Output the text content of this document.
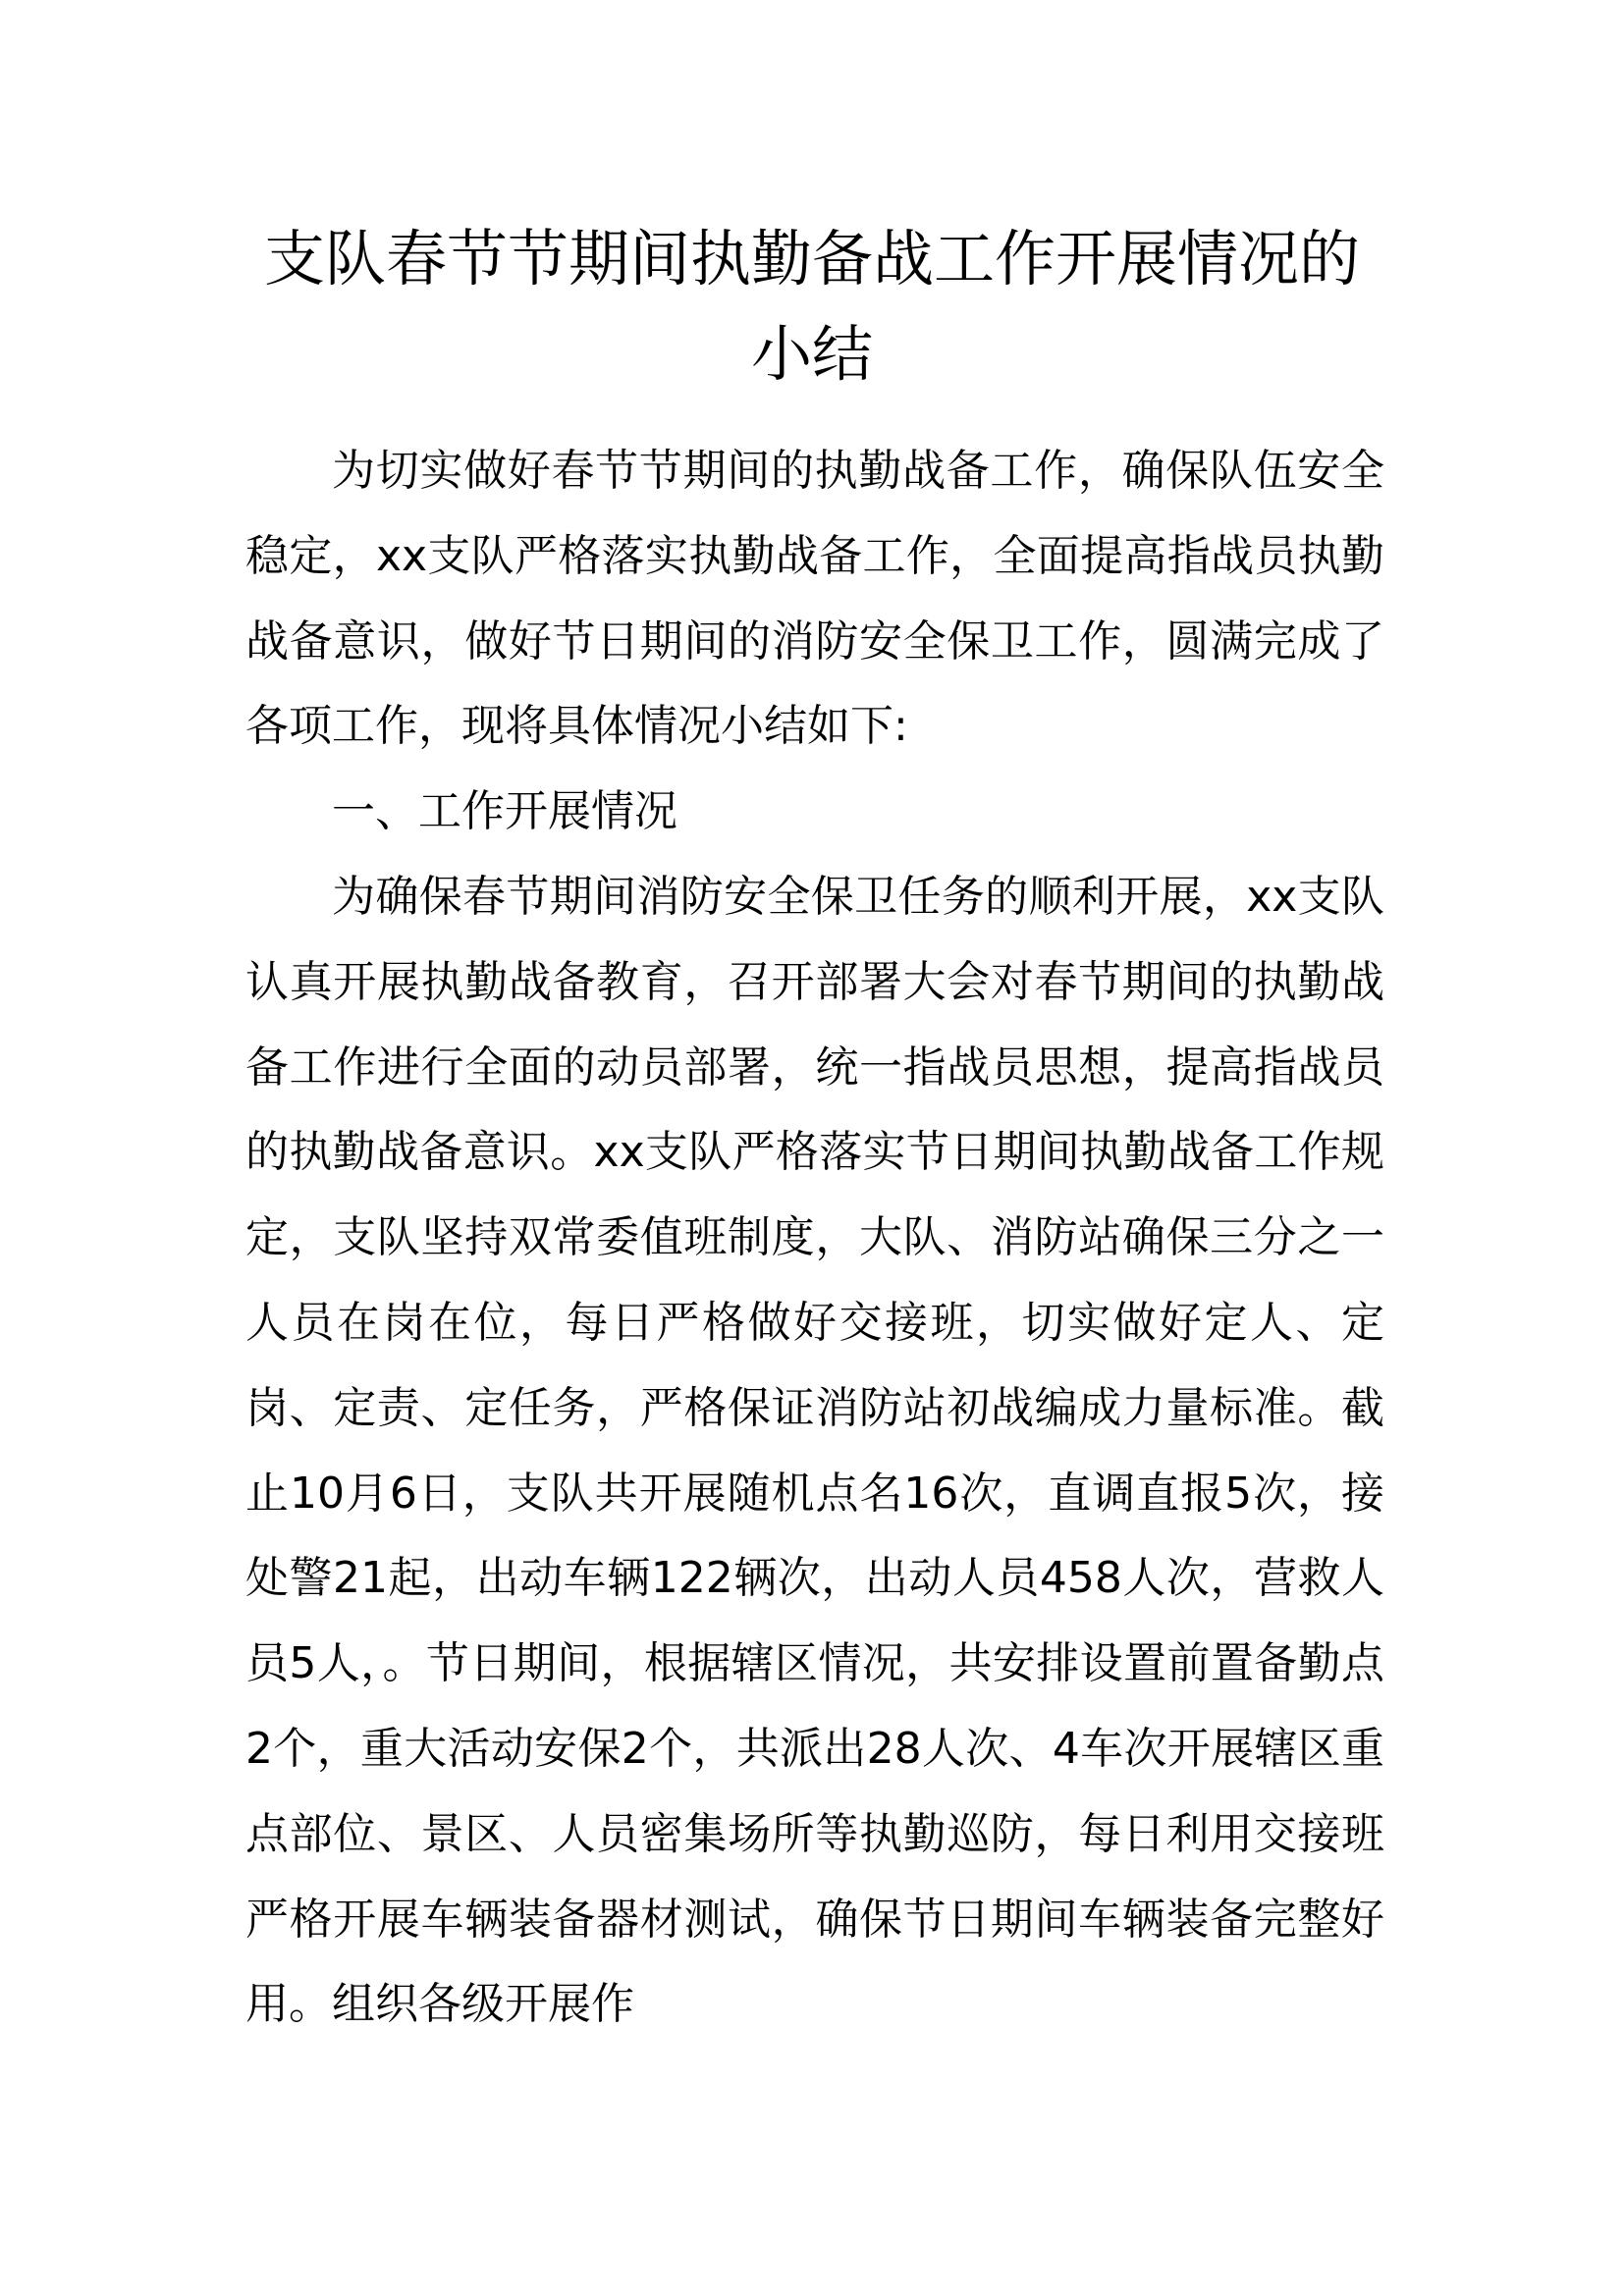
支队春节节期间执勤备战工作开展情况的小结

为切实做好春节节期间的执勤战备工作，确保队伍安全稳定，xx支队严格落实执勤战备工作，全面提高指战员执勤战备意识，做好节日期间的消防安全保卫工作，圆满完成了各项工作，现将具体情况小结如下:

一、工作开展情况

为确保春节期间消防安全保卫任务的顺利开展，xx支队认真开展执勤战备教育，召开部署大会对春节期间的执勤战备工作进行全面的动员部署，统一指战员思想，提高指战员的执勤战备意识。xx支队严格落实节日期间执勤战备工作规定，支队坚持双常委值班制度，大队、消防站确保三分之一人员在岗在位，每日严格做好交接班，切实做好定人、定岗、定责、定任务，严格保证消防站初战编成力量标准。截止10月6日，支队共开展随机点名16次，直调直报5次，接处警21起，出动车辆122辆次，出动人员458人次，营救人员5人，。节日期间，根据辖区情况，共安排设置前置备勤点2个，重大活动安保2个，共派出28人次、4车次开展辖区重点部位、景区、人员密集场所等执勤巡防，每日利用交接班严格开展车辆装备器材测试，确保节日期间车辆装备完整好用。组织各级开展作
